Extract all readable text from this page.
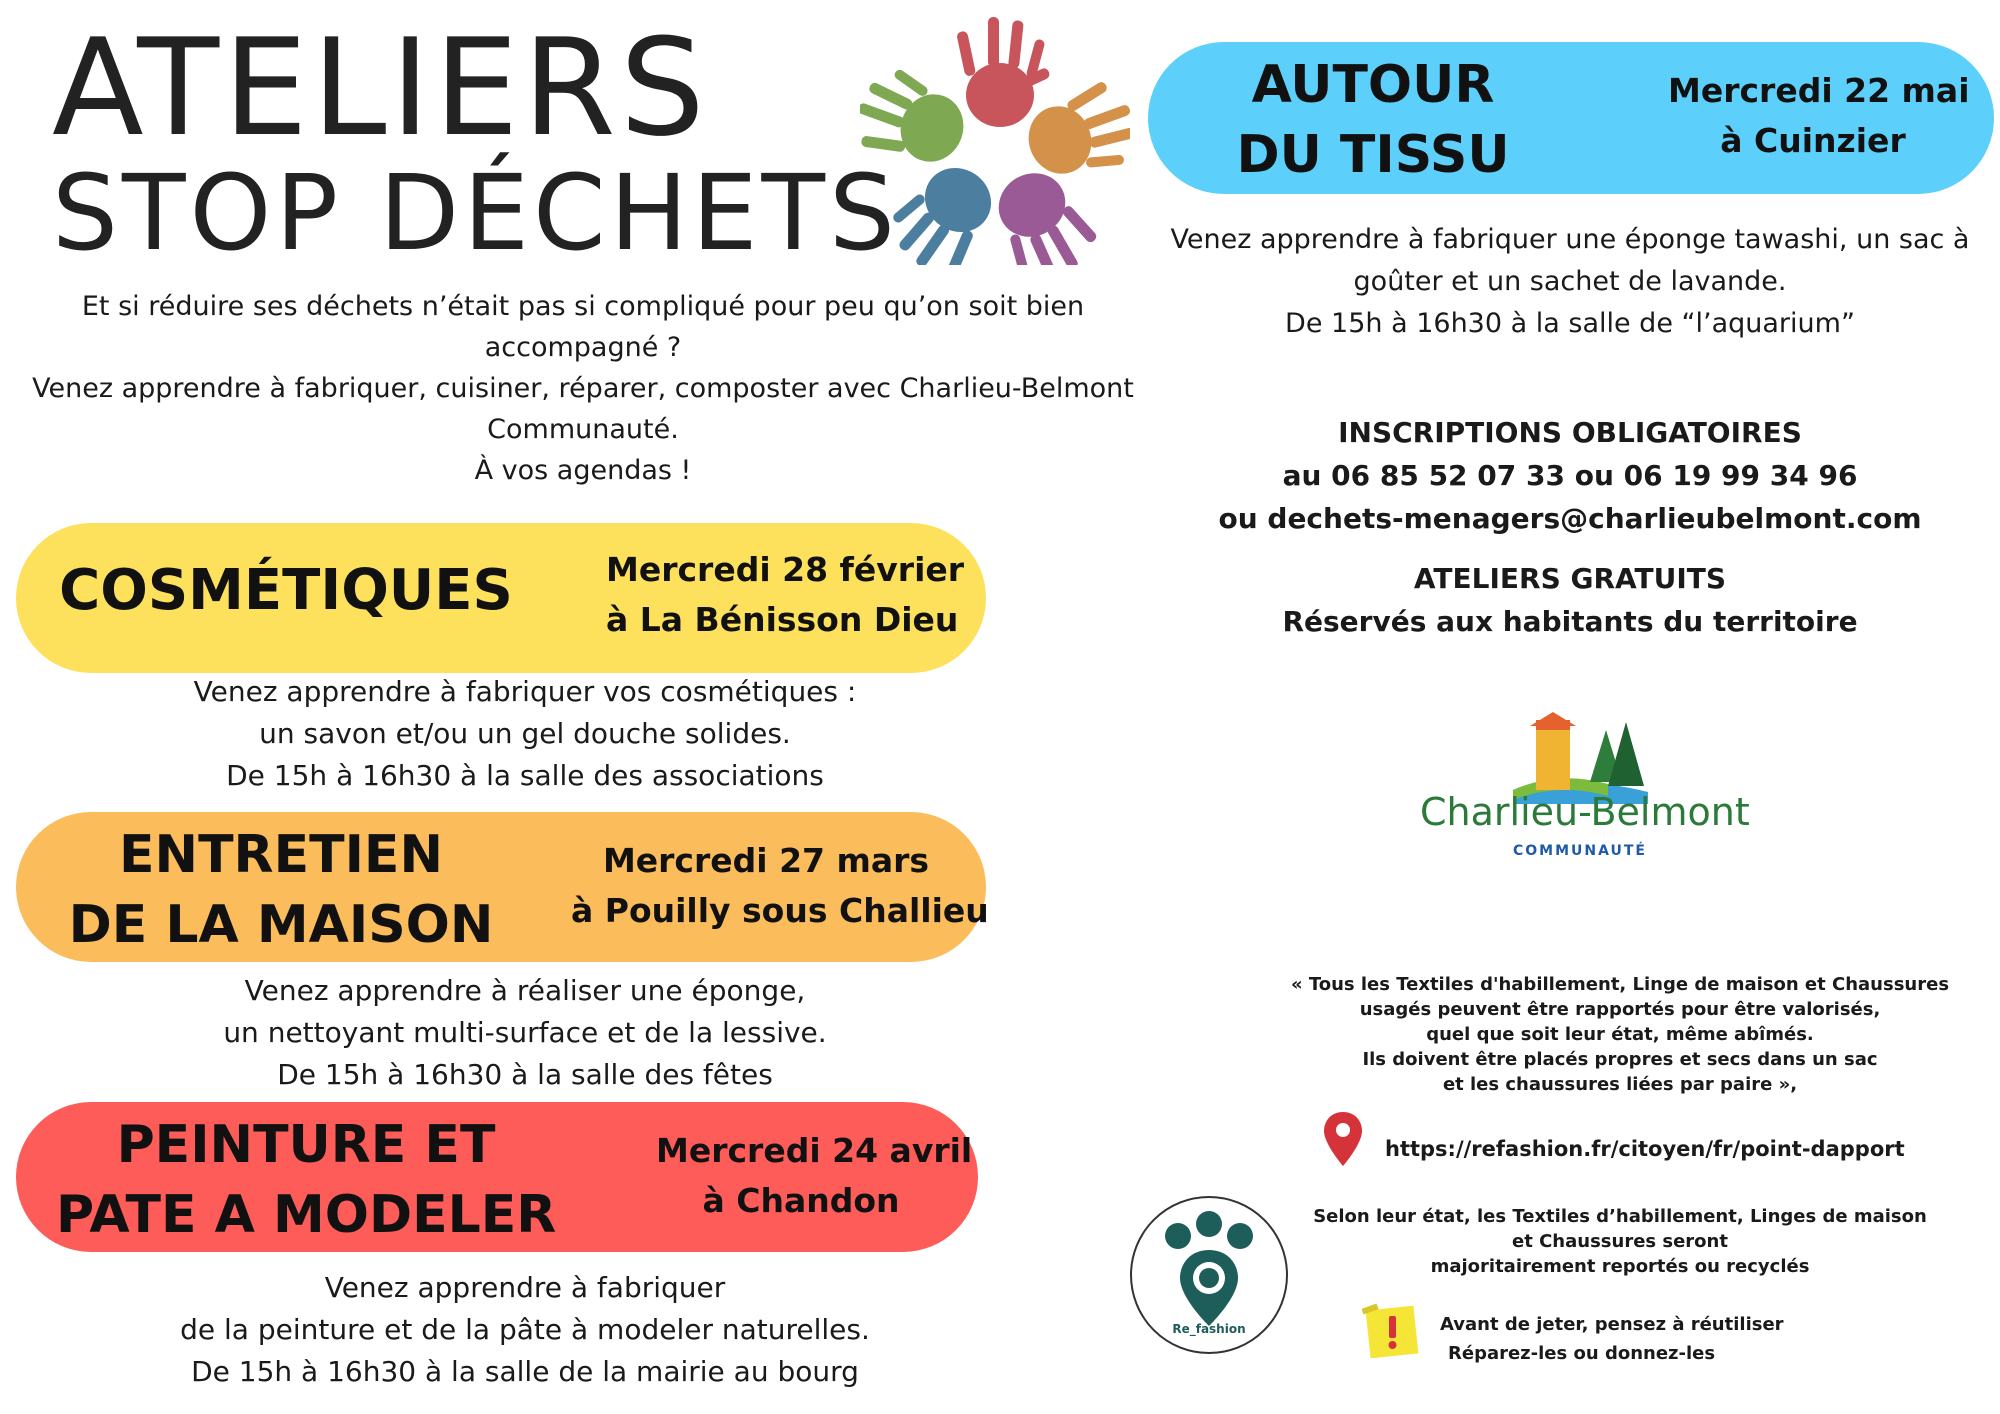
ATELIERS
STOP DÉCHETS
Et si réduire ses déchets n’était pas si compliqué pour peu qu’on soit bien
accompagné ?
Venez apprendre à fabriquer, cuisiner, réparer, composter avec Charlieu-Belmont
Communauté.
À vos agendas !
COSMÉTIQUES	Mercredi 28 février
à La Bénisson Dieu
Venez apprendre à fabriquer vos cosmétiques :
un savon et/ou un gel douche solides.
De 15h à 16h30 à la salle des associations
ENTRETIEN
DE LA MAISON
Mercredi 27 mars
à Pouilly sous Challieu
Venez apprendre à réaliser une éponge,
un nettoyant multi-surface et de la lessive.
De 15h à 16h30 à la salle des fêtes
PEINTURE ET
PATE A MODELER
Mercredi 24 avril
à Chandon
Venez apprendre à fabriquer
de la peinture et de la pâte à modeler naturelles.
De 15h à 16h30 à la salle de la mairie au bourg
AUTOUR
DU TISSU
Mercredi 22 mai
à Cuinzier
Venez apprendre à fabriquer une éponge tawashi, un sac à
goûter et un sachet de lavande.
De 15h à 16h30 à la salle de “l’aquarium”
INSCRIPTIONS OBLIGATOIRES
au 06 85 52 07 33 ou 06 19 99 34 96
ou dechets-menagers@charlieubelmont.com
ATELIERS GRATUITS
Réservés aux habitants du territoire
Charlieu-Belmont
COMMUNAUTÉ
« Tous les Textiles d'habillement, Linge de maison et Chaussures
usagés peuvent être rapportés pour être valorisés,
quel que soit leur état, même abîmés.
Ils doivent être placés propres et secs dans un sac
et les chaussures liées par paire »,
https://refashion.fr/citoyen/fr/point-dapport
Re_fashion
Selon leur état, les Textiles d’habillement, Linges de maison
et Chaussures seront
majoritairement reportés ou recyclés
Avant de jeter, pensez à réutiliser
Réparez-les ou donnez-les
